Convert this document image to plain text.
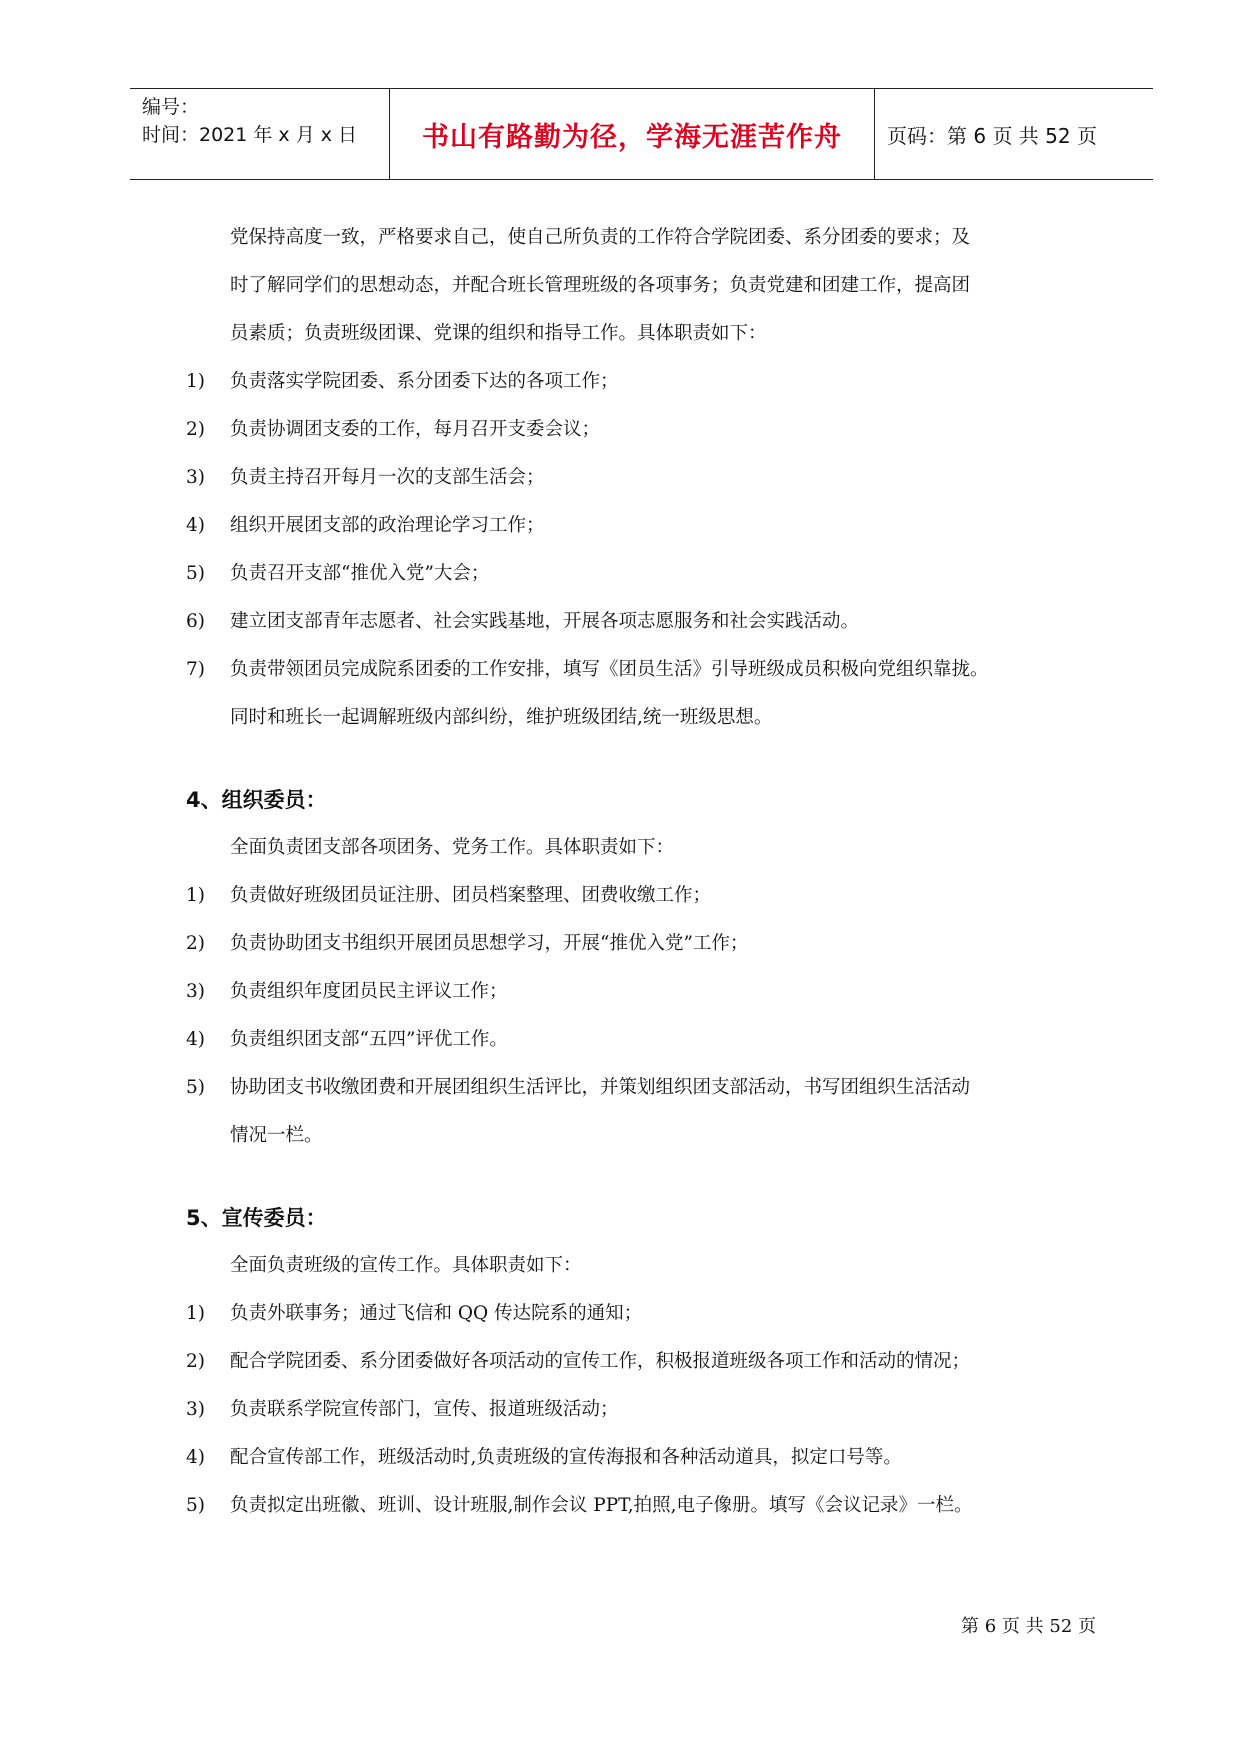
编号：
时间：2021 年 x 月 x 日	书山有路勤为径，学海无涯苦作舟 页码：第 6 页 共 52 页
党保持高度一致，严格要求自己，使自己所负责的工作符合学院团委、系分团委的要求；及
时了解同学们的思想动态，并配合班长管理班级的各项事务；负责党建和团建工作，提高团
员素质；负责班级团课、党课的组织和指导工作。具体职责如下：
1) 负责落实学院团委、系分团委下达的各项工作；
2) 负责协调团支委的工作，每月召开支委会议；
3) 负责主持召开每月一次的支部生活会；
4) 组织开展团支部的政治理论学习工作；
5) 负责召开支部“推优入党”大会；
6) 建立团支部青年志愿者、社会实践基地，开展各项志愿服务和社会实践活动。
7) 负责带领团员完成院系团委的工作安排，填写《团员生活》引导班级成员积极向党组织靠拢。
同时和班长一起调解班级内部纠纷，维护班级团结,统一班级思想。
4、组织委员：
全面负责团支部各项团务、党务工作。具体职责如下：
1) 负责做好班级团员证注册、团员档案整理、团费收缴工作；
2) 负责协助团支书组织开展团员思想学习，开展“推优入党”工作；
3) 负责组织年度团员民主评议工作；
4) 负责组织团支部“五四”评优工作。
5) 协助团支书收缴团费和开展团组织生活评比，并策划组织团支部活动，书写团组织生活活动
情况一栏。
5、宣传委员：
全面负责班级的宣传工作。具体职责如下：
1) 负责外联事务；通过飞信和 QQ 传达院系的通知；
2) 配合学院团委、系分团委做好各项活动的宣传工作，积极报道班级各项工作和活动的情况；
3) 负责联系学院宣传部门，宣传、报道班级活动；
4) 配合宣传部工作，班级活动时,负责班级的宣传海报和各种活动道具，拟定口号等。
5) 负责拟定出班徽、班训、设计班服,制作会议 PPT,拍照,电子像册。填写《会议记录》一栏。
第 6 页 共 52 页
